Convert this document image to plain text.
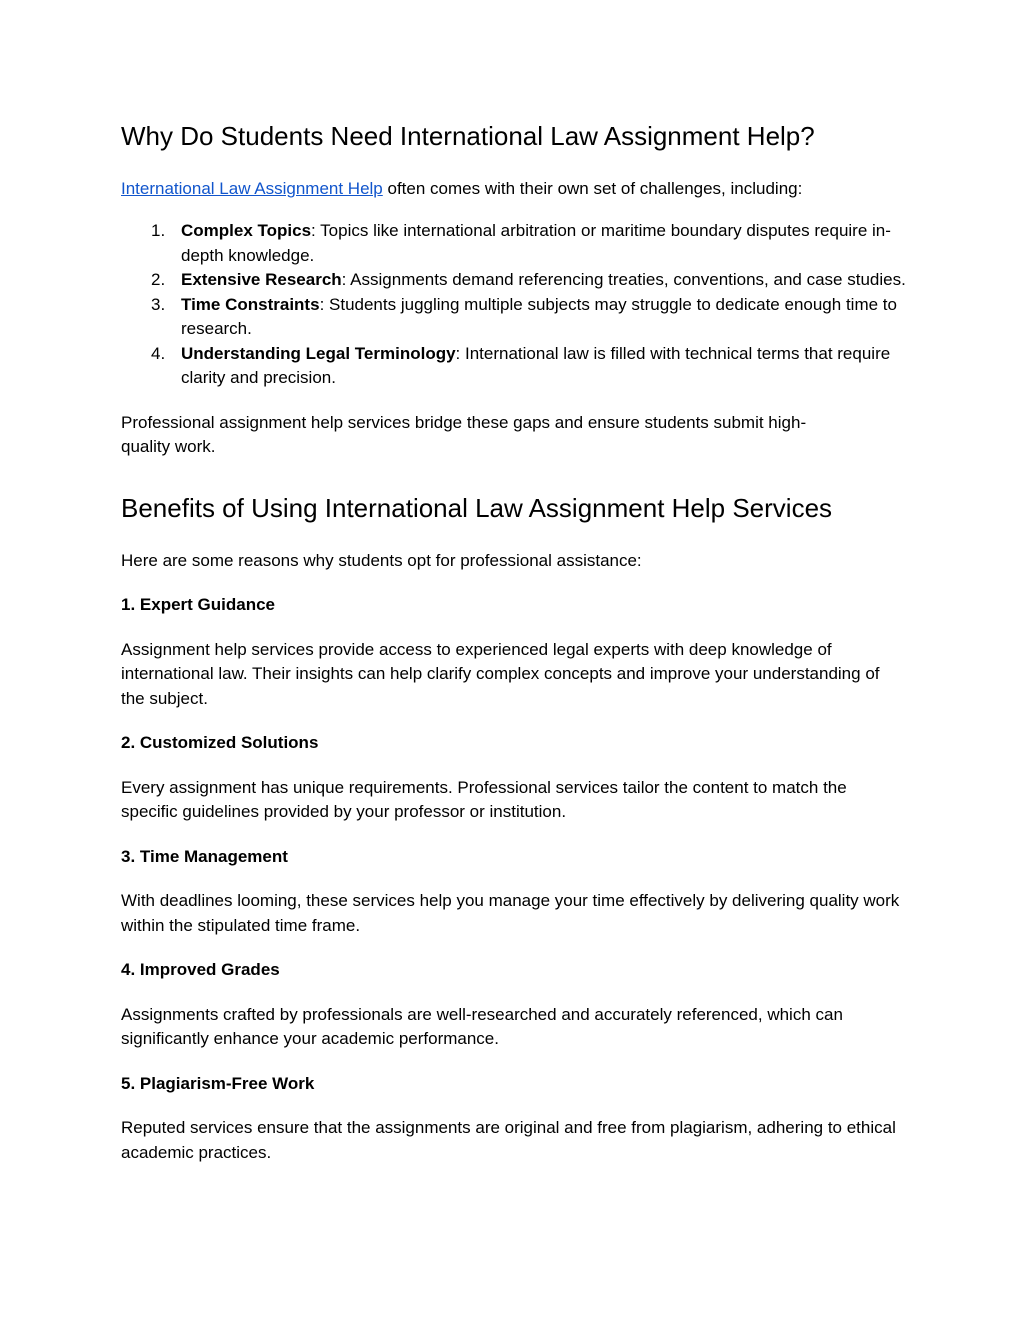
Why Do Students Need International Law Assignment Help?

International Law Assignment Help often comes with their own set of challenges, including:

1. Complex Topics: Topics like international arbitration or maritime boundary disputes require in-depth knowledge.
2. Extensive Research: Assignments demand referencing treaties, conventions, and case studies.
3. Time Constraints: Students juggling multiple subjects may struggle to dedicate enough time to research.
4. Understanding Legal Terminology: International law is filled with technical terms that require clarity and precision.

Professional assignment help services bridge these gaps and ensure students submit high-quality work.

Benefits of Using International Law Assignment Help Services

Here are some reasons why students opt for professional assistance:

1. Expert Guidance

Assignment help services provide access to experienced legal experts with deep knowledge of international law. Their insights can help clarify complex concepts and improve your understanding of the subject.

2. Customized Solutions

Every assignment has unique requirements. Professional services tailor the content to match the specific guidelines provided by your professor or institution.

3. Time Management

With deadlines looming, these services help you manage your time effectively by delivering quality work within the stipulated time frame.

4. Improved Grades

Assignments crafted by professionals are well-researched and accurately referenced, which can significantly enhance your academic performance.

5. Plagiarism-Free Work

Reputed services ensure that the assignments are original and free from plagiarism, adhering to ethical academic practices.
